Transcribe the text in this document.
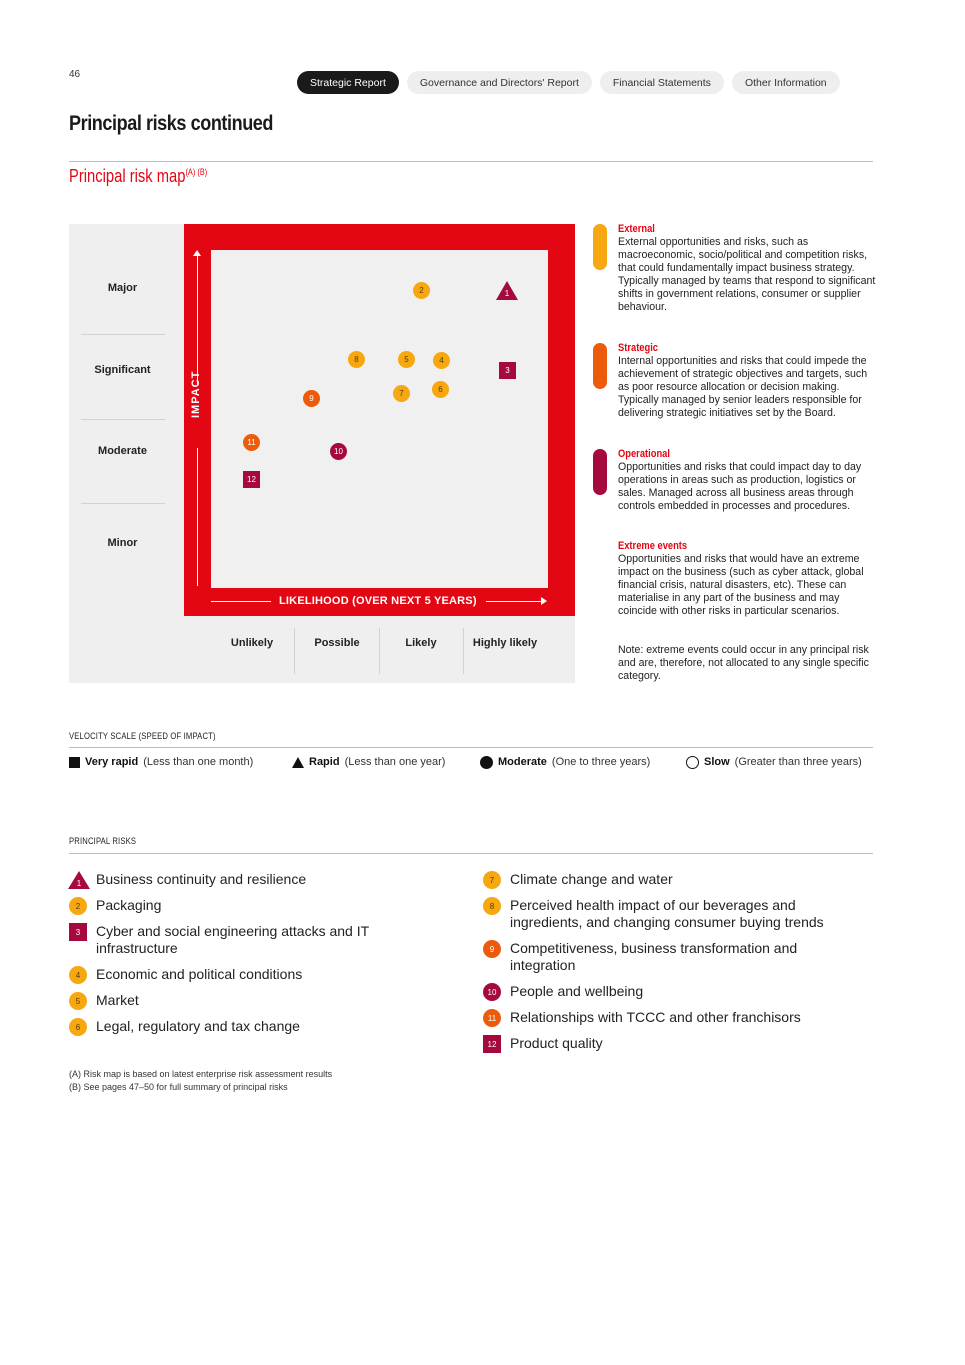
46
Strategic Report	Governance and Directors' Report	Financial Statements	Other Information
Principal risks continued
Principal risk map$^{(A) (B)}$
Major
Significant
Moderate
Minor
Unlikely	Possible	Likely	Highly likely
IMPACT
LIKELIHOOD (OVER NEXT 5 YEARS)
1
2
3
4
5
6
7
8
9
10
11
12
External
External opportunities and risks, such as macroeconomic, socio/political and competition risks, that could fundamentally impact business strategy. Typically managed by teams that respond to significant shifts in government relations, consumer or supplier behaviour.
Strategic
Internal opportunities and risks that could impede the achievement of strategic objectives and targets, such as poor resource allocation or decision making. Typically managed by senior leaders responsible for delivering strategic initiatives set by the Board.
Operational
Opportunities and risks that could impact day to day operations in areas such as production, logistics or sales. Managed across all business areas through controls embedded in processes and procedures.
Extreme events
Opportunities and risks that would have an extreme impact on the business (such as cyber attack, global financial crisis, natural disasters, etc). These can materialise in any part of the business and may coincide with other risks in particular scenarios.
Note: extreme events could occur in any principal risk and are, therefore, not allocated to any single specific category.
VELOCITY SCALE (SPEED OF IMPACT)
Very rapid (Less than one month)	Rapid (Less than one year)	Moderate (One to three years)	Slow (Greater than three years)
PRINCIPAL RISKS
1 Business continuity and resilience
2	Packaging
3	Cyber and social engineering attacks and IT infrastructure
4	Economic and political conditions
5	Market
6	Legal, regulatory and tax change
7	Climate change and water
8	Perceived health impact of our beverages and ingredients, and changing consumer buying trends
9	Competitiveness, business transformation and integration
10 People and wellbeing
11 Relationships with TCCC and other franchisors
12 Product quality
(A) Risk map is based on latest enterprise risk assessment results
(B) See pages 47–50 for full summary of principal risks
